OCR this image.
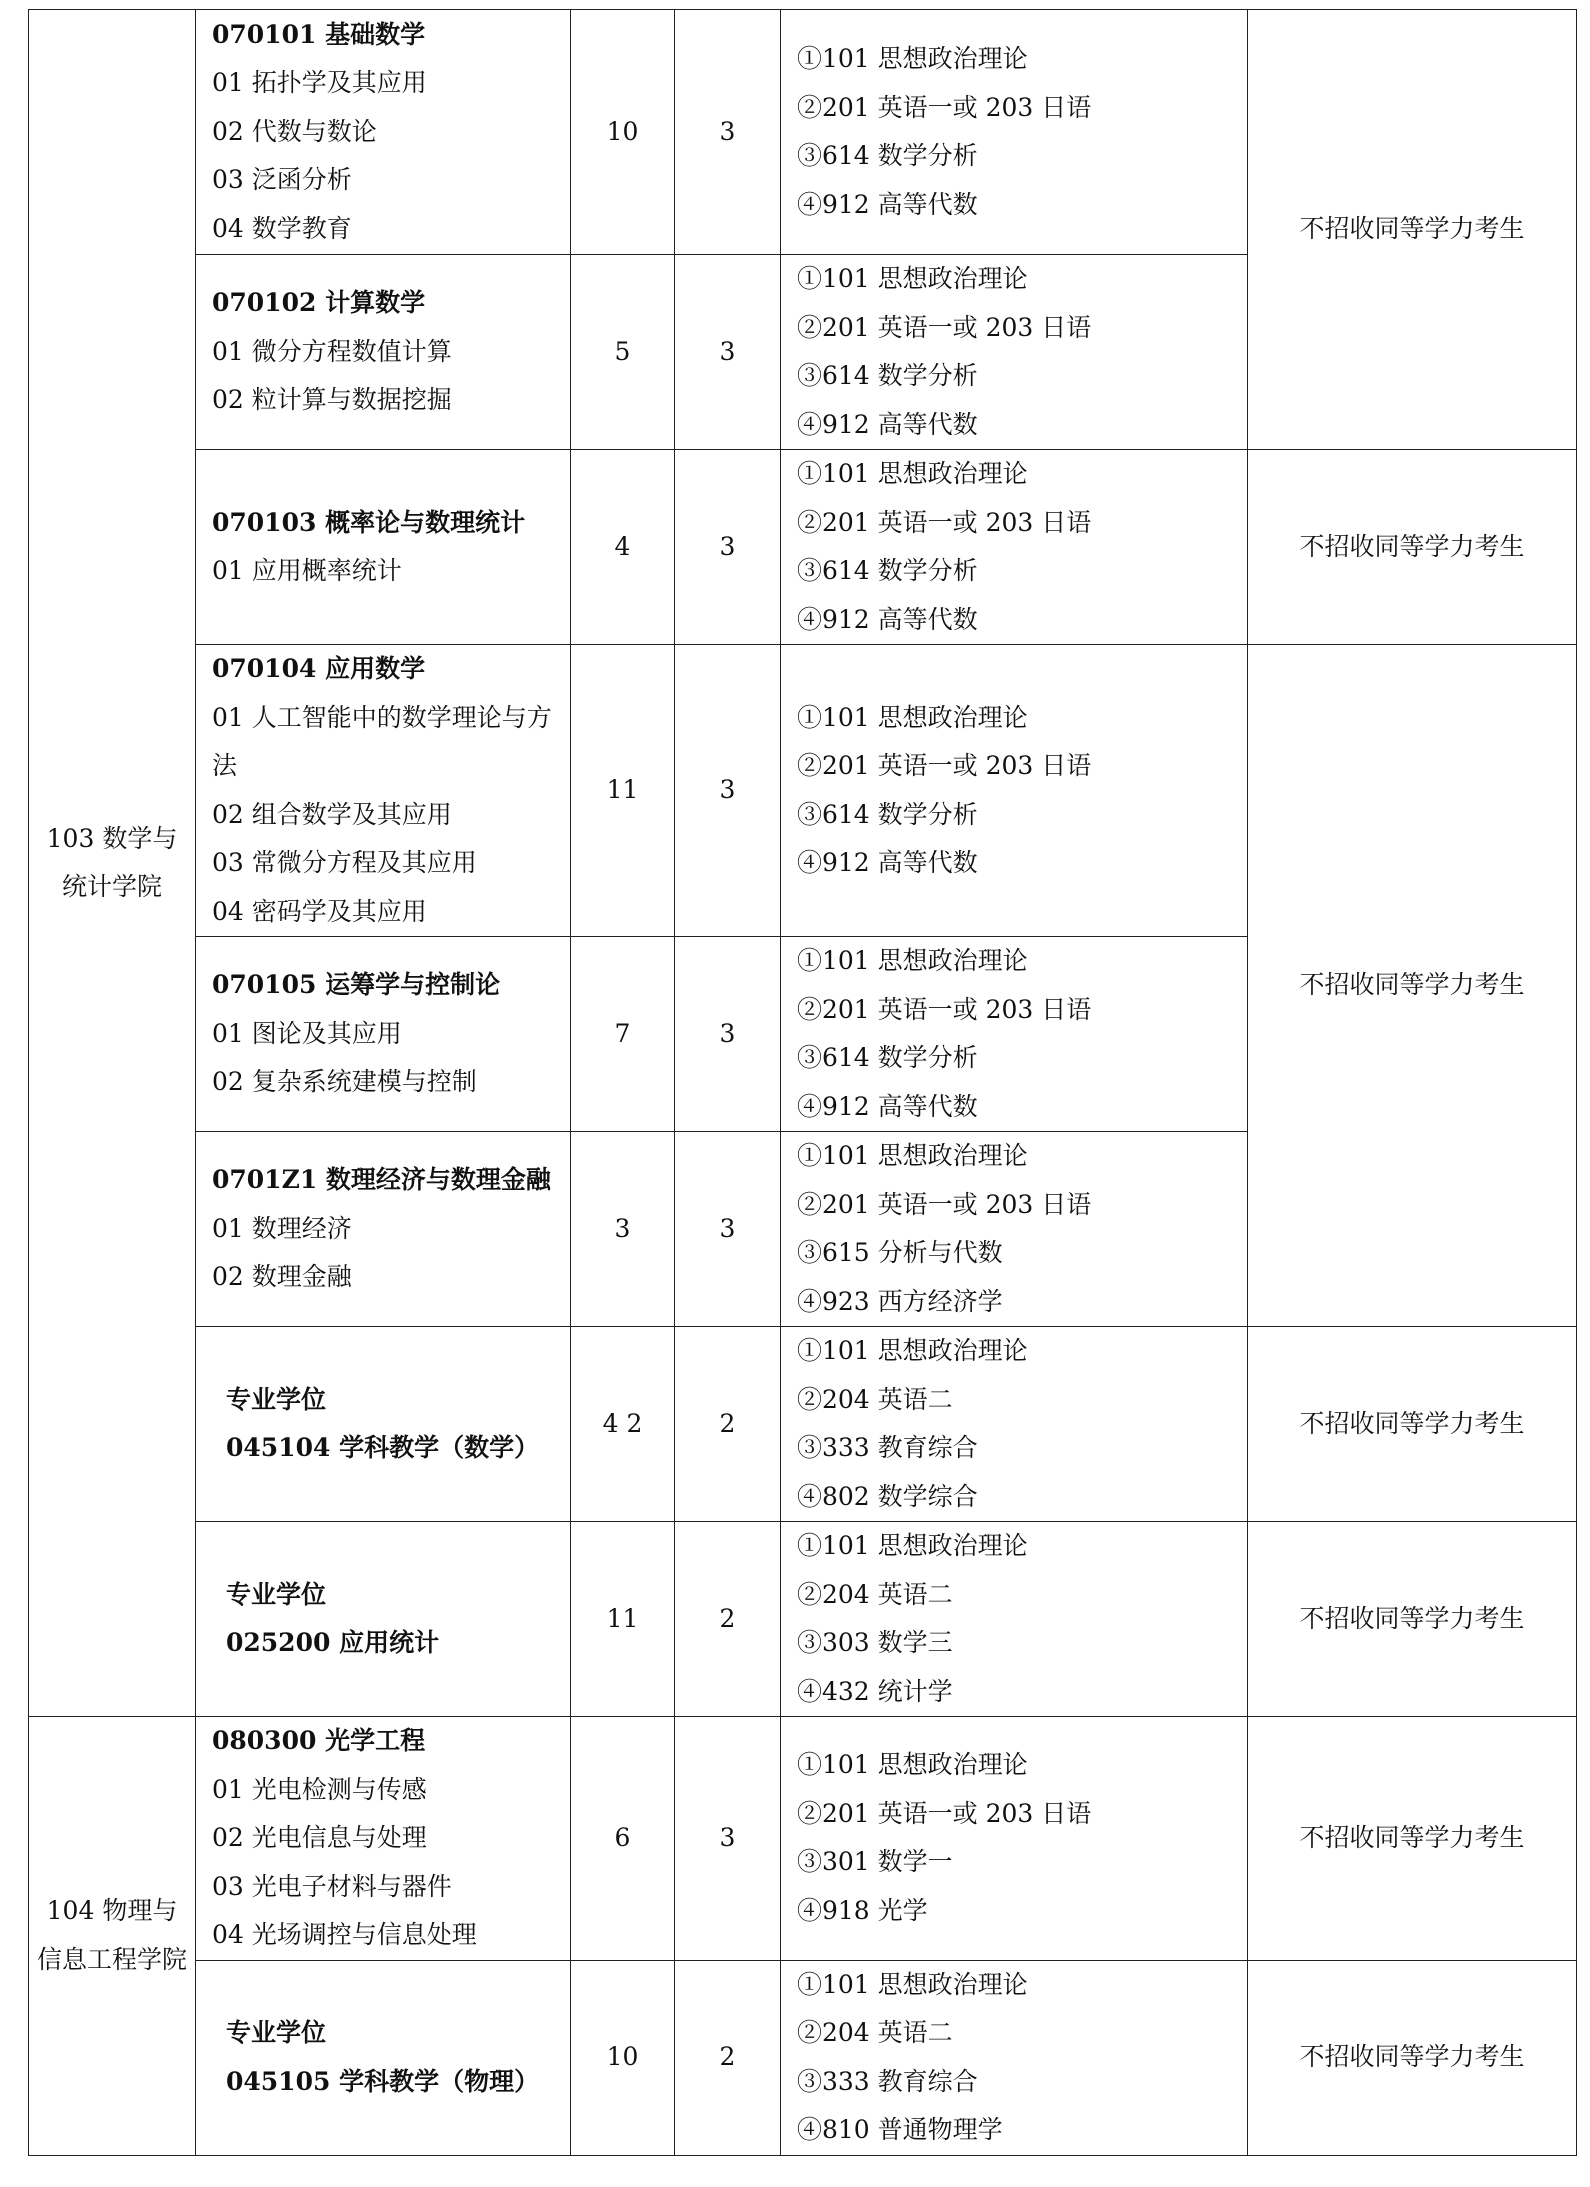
103 数学与统计学院	070101 基础数学
01 拓扑学及其应用
02 代数与数论
03 泛函分析
04 数学教育	10	3	①101 思想政治理论
②201 英语一或 203 日语
③614 数学分析
④912 高等代数	不招收同等学力考生

	070102 计算数学
01 微分方程数值计算
02 粒计算与数据挖掘	5	3	①101 思想政治理论
②201 英语一或 203 日语
③614 数学分析
④912 高等代数	

	070103 概率论与数理统计
01 应用概率统计	4	3	①101 思想政治理论
②201 英语一或 203 日语
③614 数学分析
④912 高等代数	不招收同等学力考生

	070104 应用数学
01 人工智能中的数学理论与方法
02 组合数学及其应用
03 常微分方程及其应用
04 密码学及其应用	11	3	①101 思想政治理论
②201 英语一或 203 日语
③614 数学分析
④912 高等代数	不招收同等学力考生

	070105 运筹学与控制论
01 图论及其应用
02 复杂系统建模与控制	7	3	①101 思想政治理论
②201 英语一或 203 日语
③614 数学分析
④912 高等代数	

	0701Z1 数理经济与数理金融
01 数理经济
02 数理金融	3	3	①101 思想政治理论
②201 英语一或 203 日语
③615 分析与代数
④923 西方经济学	

	专业学位
045104 学科教学（数学）	4 2	2	①101 思想政治理论
②204 英语二
③333 教育综合
④802 数学综合	不招收同等学力考生

	专业学位
025200 应用统计	11	2	①101 思想政治理论
②204 英语二
③303 数学三
④432 统计学	不招收同等学力考生
104 物理与信息工程学院	080300 光学工程
01 光电检测与传感
02 光电信息与处理
03 光电子材料与器件
04 光场调控与信息处理	6	3	①101 思想政治理论
②201 英语一或 203 日语
③301 数学一
④918 光学	不招收同等学力考生

	专业学位
045105 学科教学（物理）	10	2	①101 思想政治理论
②204 英语二
③333 教育综合
④810 普通物理学	不招收同等学力考生
